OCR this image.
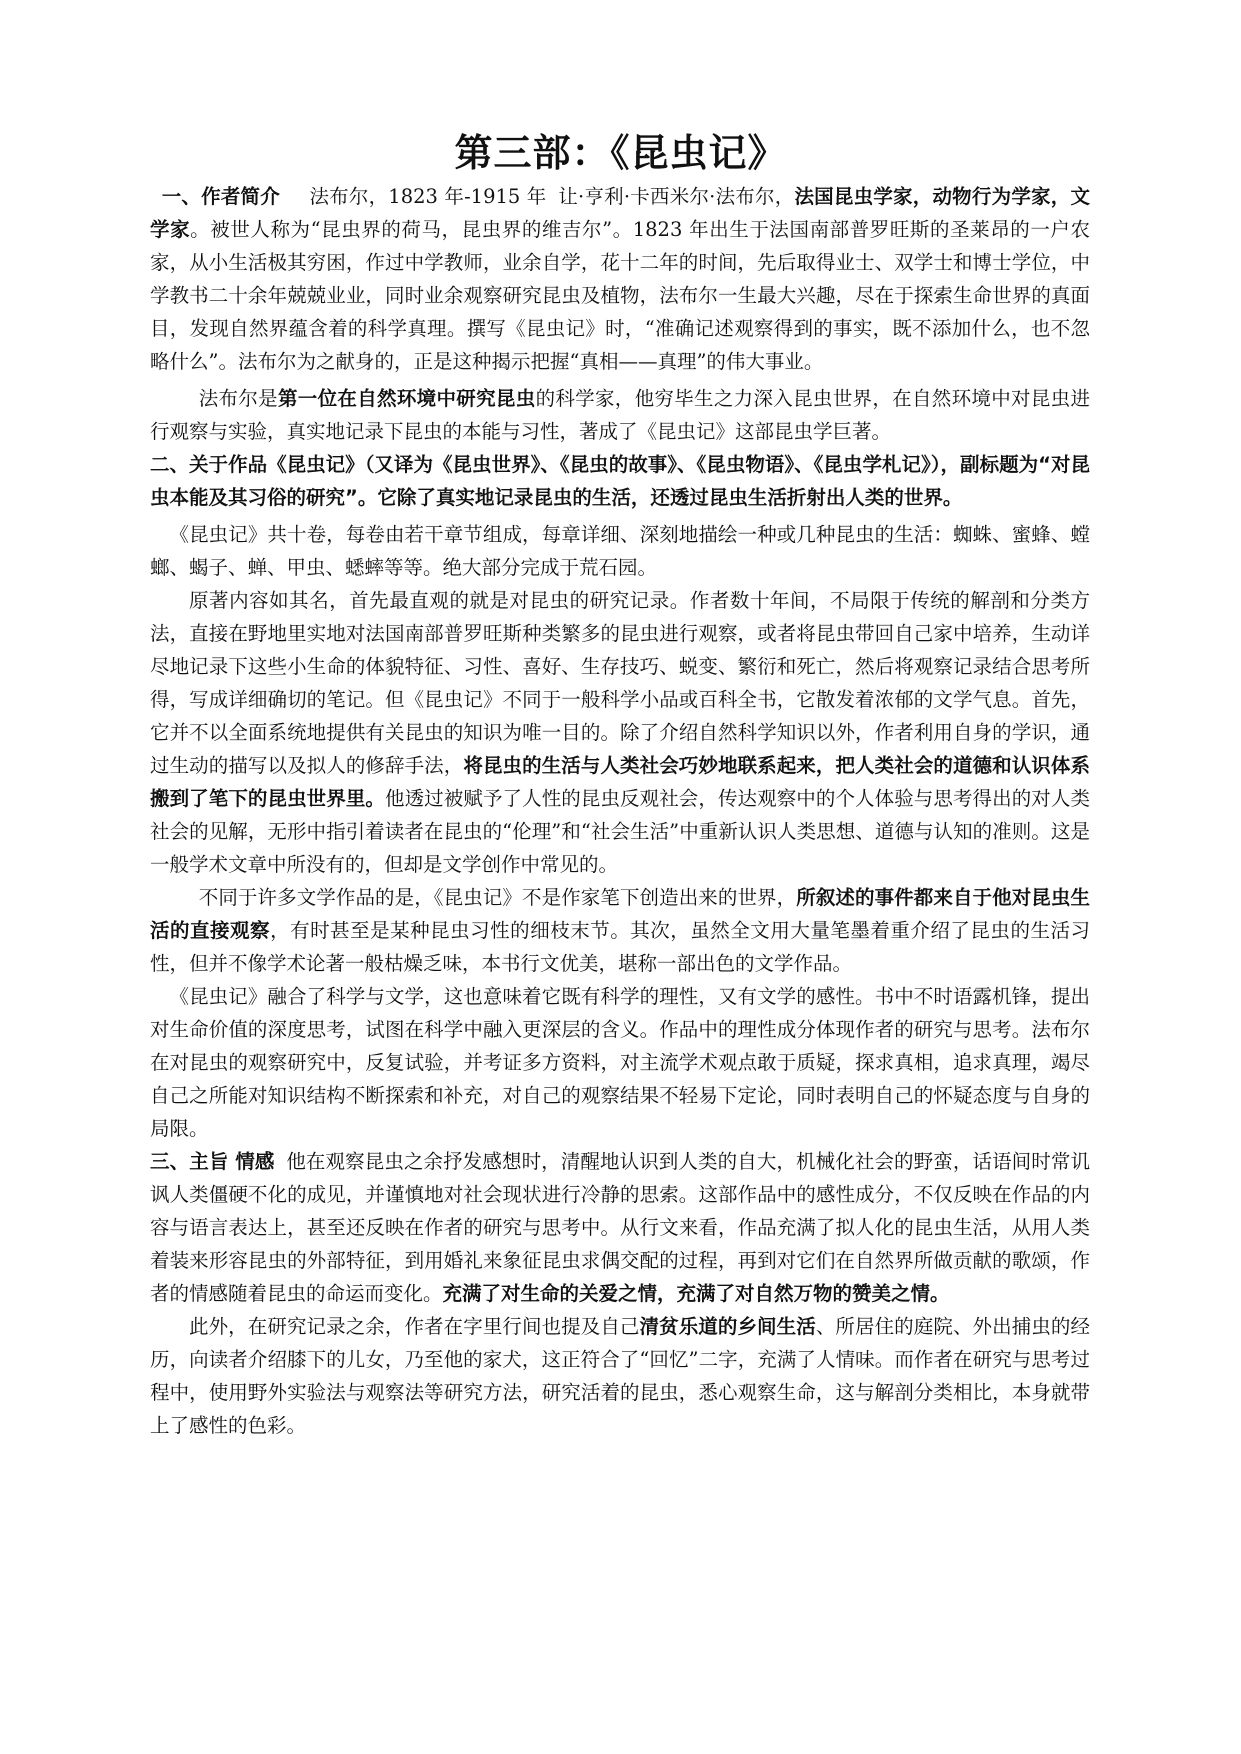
第三部：《昆虫记》

一、作者简介 法布尔，1823 年-1915 年 让·亨利·卡西米尔·法布尔，法国昆虫学家，动物行为学家，文学家。被世人称为“昆虫界的荷马，昆虫界的维吉尔”。1823 年出生于法国南部普罗旺斯的圣莱昂的一户农家，从小生活极其穷困，作过中学教师，业余自学，花十二年的时间，先后取得业士、双学士和博士学位，中学教书二十余年兢兢业业，同时业余观察研究昆虫及植物，法布尔一生最大兴趣，尽在于探索生命世界的真面目，发现自然界蕴含着的科学真理。撰写《昆虫记》时，“准确记述观察得到的事实，既不添加什么，也不忽略什么”。法布尔为之献身的，正是这种揭示把握“真相——真理”的伟大事业。

法布尔是第一位在自然环境中研究昆虫的科学家，他穷毕生之力深入昆虫世界，在自然环境中对昆虫进行观察与实验，真实地记录下昆虫的本能与习性，著成了《昆虫记》这部昆虫学巨著。

二、关于作品《昆虫记》（又译为《昆虫世界》、《昆虫的故事》、《昆虫物语》、《昆虫学札记》），副标题为“对昆虫本能及其习俗的研究”。它除了真实地记录昆虫的生活，还透过昆虫生活折射出人类的世界。

《昆虫记》共十卷，每卷由若干章节组成，每章详细、深刻地描绘一种或几种昆虫的生活：蜘蛛、蜜蜂、螳螂、蝎子、蝉、甲虫、蟋蟀等等。绝大部分完成于荒石园。

原著内容如其名，首先最直观的就是对昆虫的研究记录。作者数十年间，不局限于传统的解剖和分类方法，直接在野地里实地对法国南部普罗旺斯种类繁多的昆虫进行观察，或者将昆虫带回自己家中培养，生动详尽地记录下这些小生命的体貌特征、习性、喜好、生存技巧、蜕变、繁衍和死亡，然后将观察记录结合思考所得，写成详细确切的笔记。但《昆虫记》不同于一般科学小品或百科全书，它散发着浓郁的文学气息。首先，它并不以全面系统地提供有关昆虫的知识为唯一目的。除了介绍自然科学知识以外，作者利用自身的学识，通过生动的描写以及拟人的修辞手法，将昆虫的生活与人类社会巧妙地联系起来，把人类社会的道德和认识体系搬到了笔下的昆虫世界里。他透过被赋予了人性的昆虫反观社会，传达观察中的个人体验与思考得出的对人类社会的见解，无形中指引着读者在昆虫的“伦理”和“社会生活”中重新认识人类思想、道德与认知的准则。这是一般学术文章中所没有的，但却是文学创作中常见的。

不同于许多文学作品的是，《昆虫记》不是作家笔下创造出来的世界，所叙述的事件都来自于他对昆虫生活的直接观察，有时甚至是某种昆虫习性的细枝末节。其次，虽然全文用大量笔墨着重介绍了昆虫的生活习性，但并不像学术论著一般枯燥乏味，本书行文优美，堪称一部出色的文学作品。

《昆虫记》融合了科学与文学，这也意味着它既有科学的理性，又有文学的感性。书中不时语露机锋，提出对生命价值的深度思考，试图在科学中融入更深层的含义。作品中的理性成分体现作者的研究与思考。法布尔在对昆虫的观察研究中，反复试验，并考证多方资料，对主流学术观点敢于质疑，探求真相，追求真理，竭尽自己之所能对知识结构不断探索和补充，对自己的观察结果不轻易下定论，同时表明自己的怀疑态度与自身的局限。

三、主旨 情感 他在观察昆虫之余抒发感想时，清醒地认识到人类的自大，机械化社会的野蛮，话语间时常讥讽人类僵硬不化的成见，并谨慎地对社会现状进行冷静的思索。这部作品中的感性成分，不仅反映在作品的内容与语言表达上，甚至还反映在作者的研究与思考中。从行文来看，作品充满了拟人化的昆虫生活，从用人类着装来形容昆虫的外部特征，到用婚礼来象征昆虫求偶交配的过程，再到对它们在自然界所做贡献的歌颂，作者的情感随着昆虫的命运而变化。充满了对生命的关爱之情，充满了对自然万物的赞美之情。

此外，在研究记录之余，作者在字里行间也提及自己清贫乐道的乡间生活、所居住的庭院、外出捕虫的经历，向读者介绍膝下的儿女，乃至他的家犬，这正符合了“回忆”二字，充满了人情味。而作者在研究与思考过程中，使用野外实验法与观察法等研究方法，研究活着的昆虫，悉心观察生命，这与解剖分类相比，本身就带上了感性的色彩。
